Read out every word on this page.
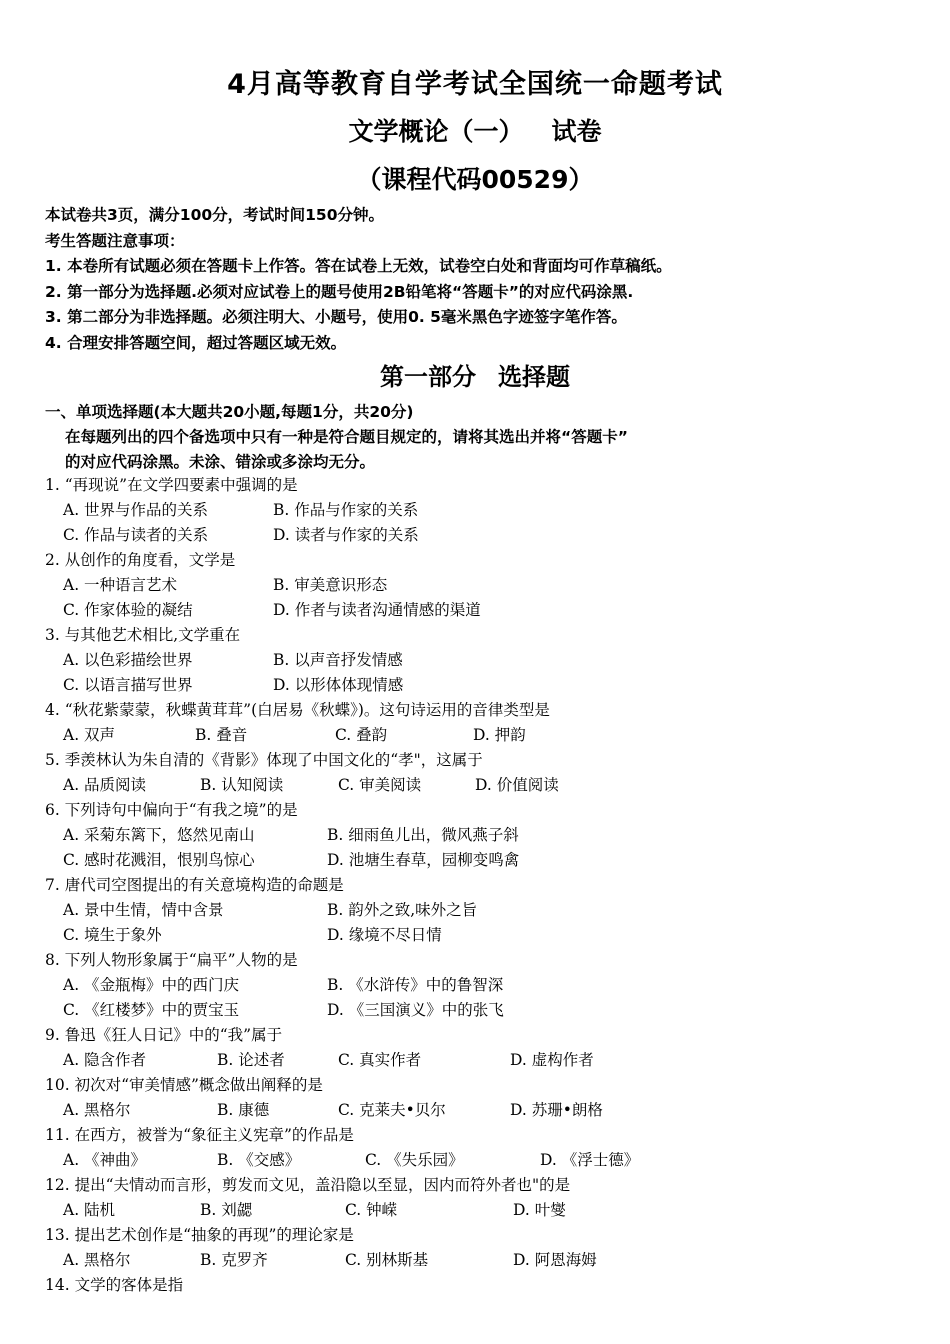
4月高等教育自学考试全国统一命题考试
文学概论（一） 试卷
（课程代码00529）
本试卷共3页，满分100分，考试时间150分钟。
考生答题注意事项：
1. 本卷所有试题必须在答题卡上作答。答在试卷上无效，试卷空白处和背面均可作草稿纸。
2. 第一部分为选择题.必须对应试卷上的题号使用2B铅笔将“答题卡”的对应代码涂黑.
3. 第二部分为非选择题。必须注明大、小题号，使用0. 5毫米黑色字迹签字笔作答。
4. 合理安排答题空间，超过答题区域无效。
第一部分 选择题
一、单项选择题(本大题共20小题,每题1分，共20分)
在每题列出的四个备选项中只有一种是符合题目规定的，请将其选出并将“答题卡”
的对应代码涂黑。未涂、错涂或多涂均无分。
1. “再现说”在文学四要素中强调的是
A. 世界与作品的关系	B. 作品与作家的关系
C. 作品与读者的关系	D. 读者与作家的关系
2. 从创作的角度看，文学是
A. 一种语言艺术	B. 审美意识形态
C. 作家体验的凝结	D. 作者与读者沟通情感的渠道
3. 与其他艺术相比,文学重在
A. 以色彩描绘世界	B. 以声音抒发情感
C. 以语言描写世界	D. 以形体体现情感
4. “秋花紫蒙蒙，秋蝶黄茸茸”(白居易《秋蝶》)。这句诗运用的音律类型是
A. 双声	B. 叠音	C. 叠韵	D. 押韵
5. 季羡林认为朱自清的《背影》体现了中国文化的“孝"，这属于
A. 品质阅读	B. 认知阅读	C. 审美阅读	D. 价值阅读
6. 下列诗句中偏向于“有我之境”的是
A. 采菊东篱下，悠然见南山	B. 细雨鱼儿出，微风燕子斜
C. 感时花溅泪，恨别鸟惊心	D. 池塘生春草，园柳变鸣禽
7. 唐代司空图提出的有关意境构造的命题是
A. 景中生情，情中含景	B. 韵外之致,味外之旨
C. 境生于象外	D. 缘境不尽日情
8. 下列人物形象属于“扁平”人物的是
A. 《金瓶梅》中的西门庆	B. 《水浒传》中的鲁智深
C. 《红楼梦》中的贾宝玉	D. 《三国演义》中的张飞
9. 鲁迅《狂人日记》中的“我”属于
A. 隐含作者	B. 论述者	C. 真实作者	D. 虚构作者
10. 初次对“审美情感”概念做出阐释的是
A. 黑格尔	B. 康德	C. 克莱夫•贝尔	D. 苏珊•朗格
11. 在西方，被誉为“象征主义宪章”的作品是
A. 《神曲》	B. 《交感》	C. 《失乐园》	D. 《浮士德》
12. 提出“夫情动而言形，剪发而文见，盖沿隐以至显，因内而符外者也"的是
A. 陆机	B. 刘勰	C. 钟嵘	D. 叶燮
13. 提出艺术创作是“抽象的再现”的理论家是
A. 黑格尔	B. 克罗齐	C. 别林斯基	D. 阿恩海姆
14. 文学的客体是指
